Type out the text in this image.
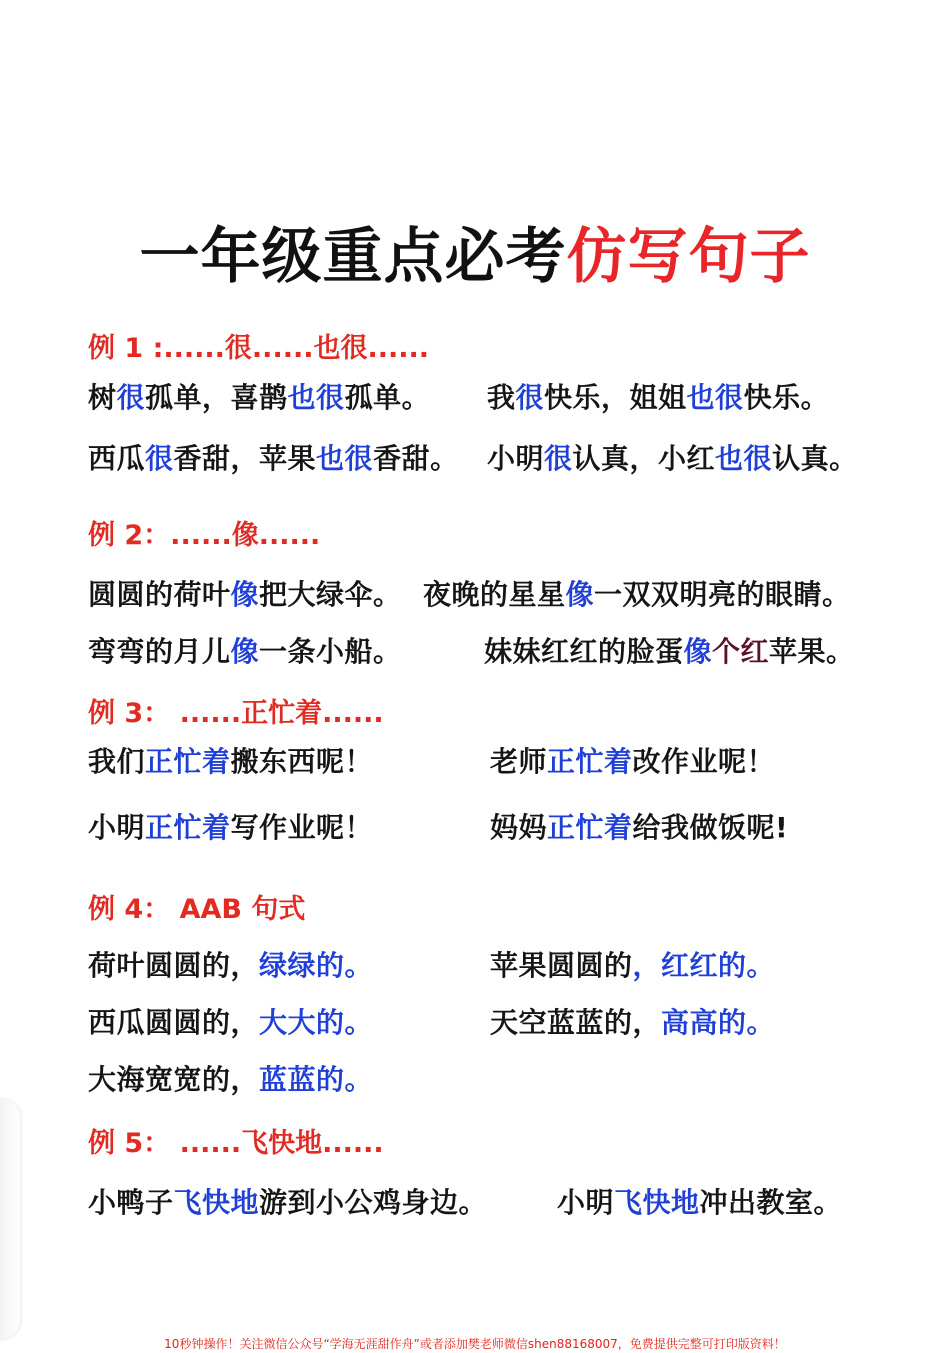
一年级重点必考仿写句子
例 1 :......很......也很......
树很孤单，喜鹊也很孤单。 我很快乐，姐姐也很快乐。
西瓜很香甜，苹果也很香甜。 小明很认真，小红也很认真。
例 2：......像......
圆圆的荷叶像把大绿伞。 夜晚的星星像一双双明亮的眼睛。
弯弯的月儿像一条小船。	妹妹红红的脸蛋像个红苹果。
例 3： ......正忙着......
我们正忙着搬东西呢！	老师正忙着改作业呢！
小明正忙着写作业呢！	妈妈正忙着给我做饭呢!
例 4： AAB 句式
荷叶圆圆的，绿绿的。	苹果圆圆的，红红的。
西瓜圆圆的，大大的。	天空蓝蓝的，高高的。
大海宽宽的，蓝蓝的。
例 5： ......飞快地......
小鸭子飞快地游到小公鸡身边。 小明飞快地冲出教室。
10秒钟操作！关注微信公众号“学海无涯甜作舟”或者添加樊老师微信shen88168007，免费提供完整可打印版资料！
